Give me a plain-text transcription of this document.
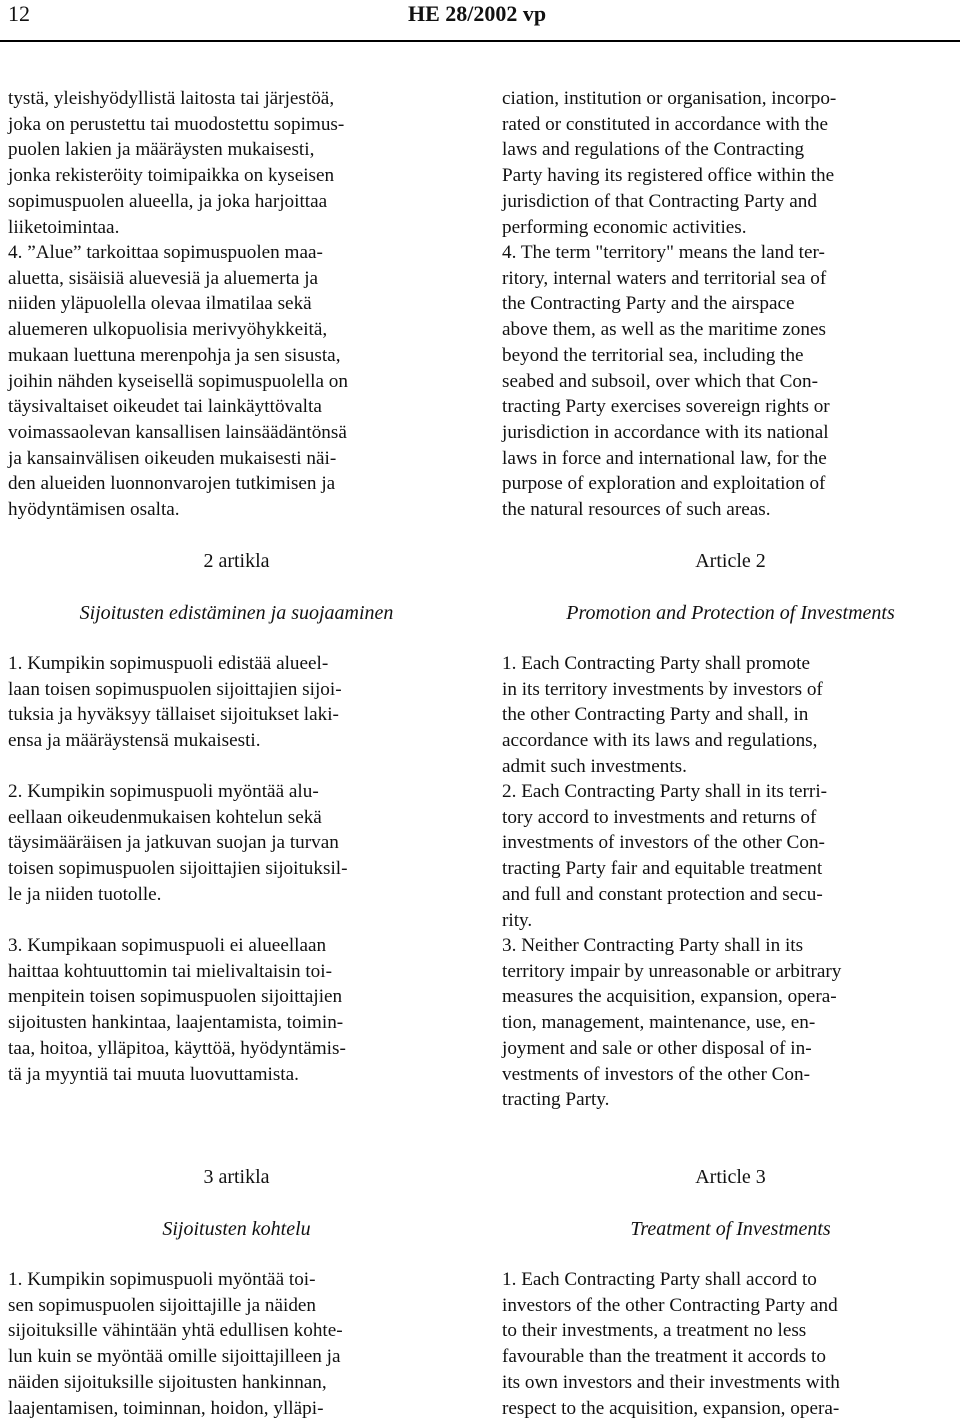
12	HE 28/2002 vp

tystä, yleishyödyllistä laitosta tai järjestöä,

joka on perustettu tai muodostettu sopimus-

puolen lakien ja määräysten mukaisesti,

jonka rekisteröity toimipaikka on kyseisen

sopimuspuolen alueella, ja joka harjoittaa

liiketoimintaa.

4. ”Alue” tarkoittaa sopimuspuolen maa-

aluetta, sisäisiä aluevesiä ja aluemerta ja

niiden yläpuolella olevaa ilmatilaa sekä

aluemeren ulkopuolisia merivyöhykkeitä,

mukaan luettuna merenpohja ja sen sisusta,

joihin nähden kyseisellä sopimuspuolella on

täysivaltaiset oikeudet tai lainkäyttövalta

voimassaolevan kansallisen lainsäädäntönsä

ja kansainvälisen oikeuden mukaisesti näi-

den alueiden luonnonvarojen tutkimisen ja

hyödyntämisen osalta.

2 artikla
Sijoitusten edistäminen ja suojaaminen

1. Kumpikin sopimuspuoli edistää alueel-

laan toisen sopimuspuolen sijoittajien sijoi-

tuksia ja hyväksyy tällaiset sijoitukset laki-

ensa ja määräystensä mukaisesti.

2. Kumpikin sopimuspuoli myöntää alu-

eellaan oikeudenmukaisen kohtelun sekä

täysimääräisen ja jatkuvan suojan ja turvan

toisen sopimuspuolen sijoittajien sijoituksil-

le ja niiden tuotolle.

3. Kumpikaan sopimuspuoli ei alueellaan

haittaa kohtuuttomin tai mielivaltaisin toi-

menpitein toisen sopimuspuolen sijoittajien

sijoitusten hankintaa, laajentamista, toimin-

taa, hoitoa, ylläpitoa, käyttöä, hyödyntämis-

tä ja myyntiä tai muuta luovuttamista.

3 artikla
Sijoitusten kohtelu

1. Kumpikin sopimuspuoli myöntää toi-

sen sopimuspuolen sijoittajille ja näiden

sijoituksille vähintään yhtä edullisen kohte-

lun kuin se myöntää omille sijoittajilleen ja

näiden sijoituksille sijoitusten hankinnan,

laajentamisen, toiminnan, hoidon, ylläpi-

ciation, institution or organisation, incorpo-

rated or constituted in accordance with the

laws and regulations of the Contracting

Party having its registered office within the

jurisdiction of that Contracting Party and

performing economic activities.

4. The term "territory" means the land ter-

ritory, internal waters and territorial sea of

the Contracting Party and the airspace

above them, as well as the maritime zones

beyond the territorial sea, including the

seabed and subsoil, over which that Con-

tracting Party exercises sovereign rights or

jurisdiction in accordance with its national

laws in force and international law, for the

purpose of exploration and exploitation of

the natural resources of such areas.

Article 2
Promotion and Protection of Investments

1. Each Contracting Party shall promote

in its territory investments by investors of

the other Contracting Party and shall, in

accordance with its laws and regulations,

admit such investments.

2. Each Contracting Party shall in its terri-

tory accord to investments and returns of

investments of investors of the other Con-

tracting Party fair and equitable treatment

and full and constant protection and secu-

rity.

3. Neither Contracting Party shall in its

territory impair by unreasonable or arbitrary

measures the acquisition, expansion, opera-

tion, management, maintenance, use, en-

joyment and sale or other disposal of in-

vestments of investors of the other Con-

tracting Party.

Article 3
Treatment of Investments

1. Each Contracting Party shall accord to

investors of the other Contracting Party and

to their investments, a treatment no less

favourable than the treatment it accords to

its own investors and their investments with

respect to the acquisition, expansion, opera-
